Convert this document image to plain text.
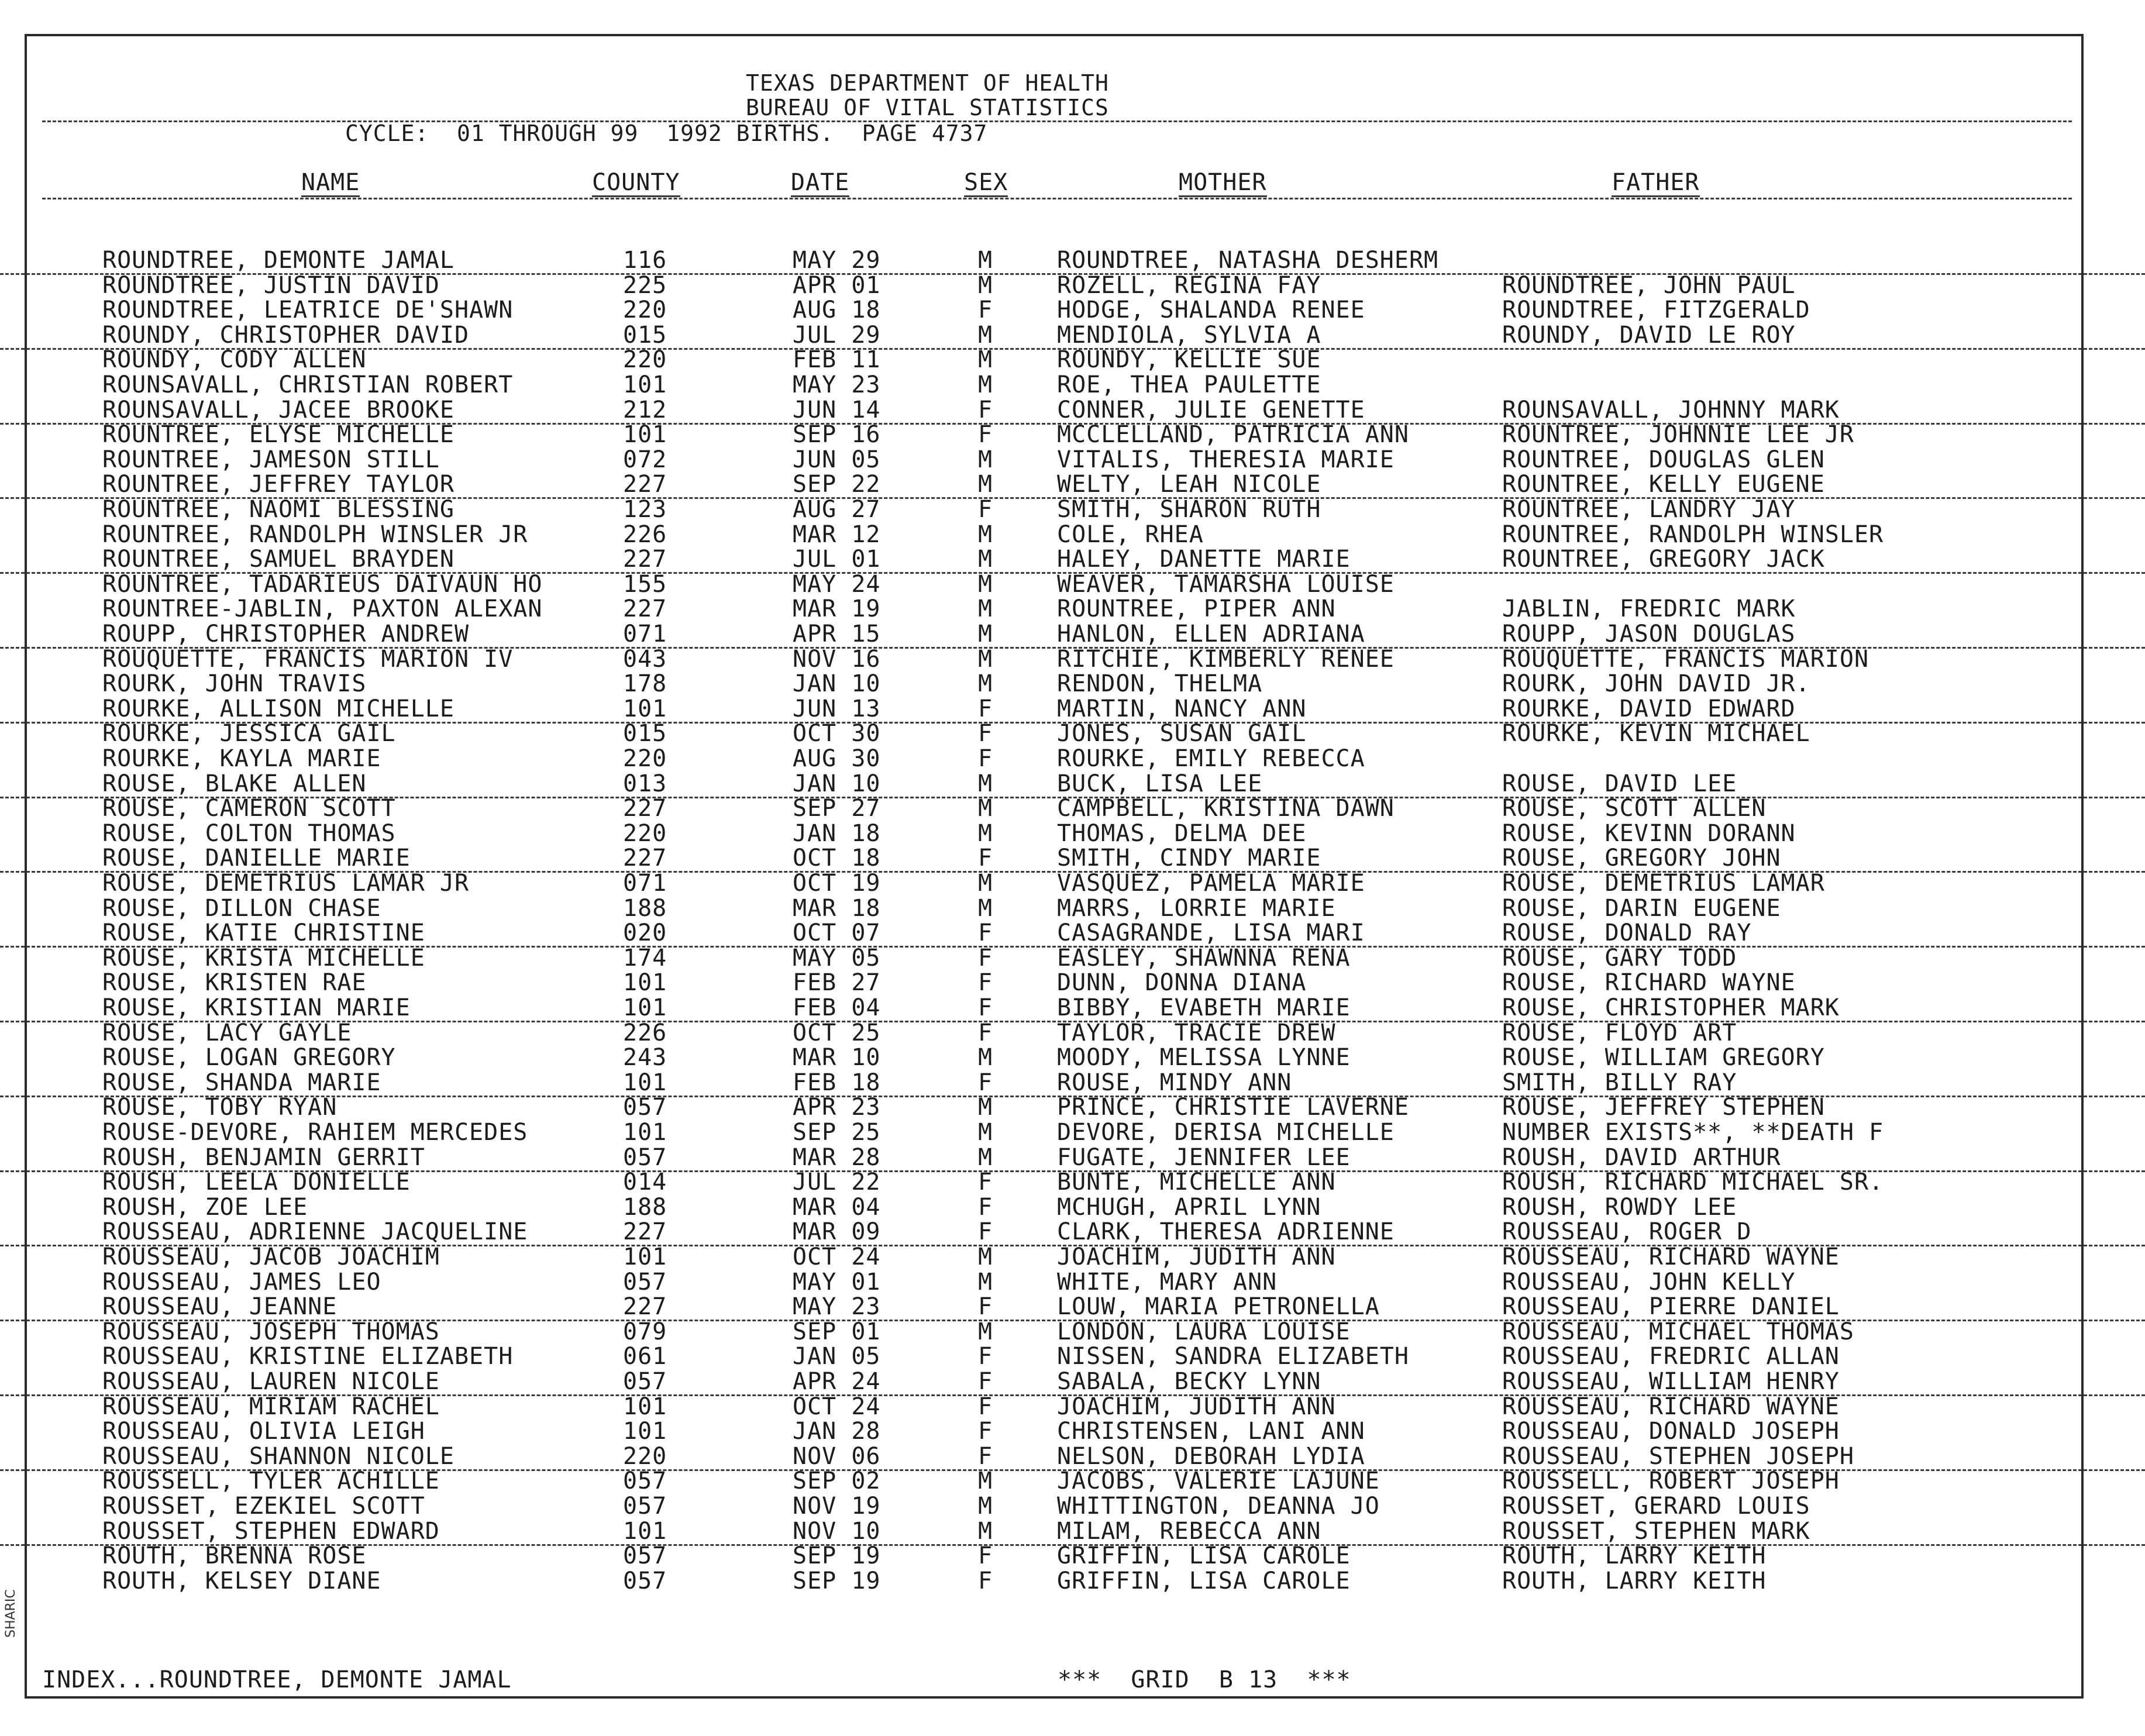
TEXAS DEPARTMENT OF HEALTH
BUREAU OF VITAL STATISTICS
CYCLE:  01 THROUGH 99  1992 BIRTHS.  PAGE 4737
NAME	COUNTY	DATE	SEX	MOTHER	FATHER
ROUNDTREE, DEMONTE JAMAL	116	MAY 29	M	ROUNDTREE, NATASHA DESHERM
ROUNDTREE, JUSTIN DAVID	225	APR 01	M	ROZELL, REGINA FAY	ROUNDTREE, JOHN PAUL
ROUNDTREE, LEATRICE DE'SHAWN	220	AUG 18	F	HODGE, SHALANDA RENEE	ROUNDTREE, FITZGERALD
ROUNDY, CHRISTOPHER DAVID	015	JUL 29	M	MENDIOLA, SYLVIA A	ROUNDY, DAVID LE ROY
ROUNDY, CODY ALLEN	220	FEB 11	M	ROUNDY, KELLIE SUE
ROUNSAVALL, CHRISTIAN ROBERT	101	MAY 23	M	ROE, THEA PAULETTE
ROUNSAVALL, JACEE BROOKE	212	JUN 14	F	CONNER, JULIE GENETTE	ROUNSAVALL, JOHNNY MARK
ROUNTREE, ELYSE MICHELLE	101	SEP 16	F	MCCLELLAND, PATRICIA ANN	ROUNTREE, JOHNNIE LEE JR
ROUNTREE, JAMESON STILL	072	JUN 05	M	VITALIS, THERESIA MARIE	ROUNTREE, DOUGLAS GLEN
ROUNTREE, JEFFREY TAYLOR	227	SEP 22	M	WELTY, LEAH NICOLE	ROUNTREE, KELLY EUGENE
ROUNTREE, NAOMI BLESSING	123	AUG 27	F	SMITH, SHARON RUTH	ROUNTREE, LANDRY JAY
ROUNTREE, RANDOLPH WINSLER JR	226	MAR 12	M	COLE, RHEA	ROUNTREE, RANDOLPH WINSLER
ROUNTREE, SAMUEL BRAYDEN	227	JUL 01	M	HALEY, DANETTE MARIE	ROUNTREE, GREGORY JACK
ROUNTREE, TADARIEUS DAIVAUN HO	155	MAY 24	M	WEAVER, TAMARSHA LOUISE
ROUNTREE-JABLIN, PAXTON ALEXAN	227	MAR 19	M	ROUNTREE, PIPER ANN	JABLIN, FREDRIC MARK
ROUPP, CHRISTOPHER ANDREW	071	APR 15	M	HANLON, ELLEN ADRIANA	ROUPP, JASON DOUGLAS
ROUQUETTE, FRANCIS MARION IV	043	NOV 16	M	RITCHIE, KIMBERLY RENEE	ROUQUETTE, FRANCIS MARION
ROURK, JOHN TRAVIS	178	JAN 10	M	RENDON, THELMA	ROURK, JOHN DAVID JR.
ROURKE, ALLISON MICHELLE	101	JUN 13	F	MARTIN, NANCY ANN	ROURKE, DAVID EDWARD
ROURKE, JESSICA GAIL	015	OCT 30	F	JONES, SUSAN GAIL	ROURKE, KEVIN MICHAEL
ROURKE, KAYLA MARIE	220	AUG 30	F	ROURKE, EMILY REBECCA
ROUSE, BLAKE ALLEN	013	JAN 10	M	BUCK, LISA LEE	ROUSE, DAVID LEE
ROUSE, CAMERON SCOTT	227	SEP 27	M	CAMPBELL, KRISTINA DAWN	ROUSE, SCOTT ALLEN
ROUSE, COLTON THOMAS	220	JAN 18	M	THOMAS, DELMA DEE	ROUSE, KEVINN DORANN
ROUSE, DANIELLE MARIE	227	OCT 18	F	SMITH, CINDY MARIE	ROUSE, GREGORY JOHN
ROUSE, DEMETRIUS LAMAR JR	071	OCT 19	M	VASQUEZ, PAMELA MARIE	ROUSE, DEMETRIUS LAMAR
ROUSE, DILLON CHASE	188	MAR 18	M	MARRS, LORRIE MARIE	ROUSE, DARIN EUGENE
ROUSE, KATIE CHRISTINE	020	OCT 07	F	CASAGRANDE, LISA MARI	ROUSE, DONALD RAY
ROUSE, KRISTA MICHELLE	174	MAY 05	F	EASLEY, SHAWNNA RENA	ROUSE, GARY TODD
ROUSE, KRISTEN RAE	101	FEB 27	F	DUNN, DONNA DIANA	ROUSE, RICHARD WAYNE
ROUSE, KRISTIAN MARIE	101	FEB 04	F	BIBBY, EVABETH MARIE	ROUSE, CHRISTOPHER MARK
ROUSE, LACY GAYLE	226	OCT 25	F	TAYLOR, TRACIE DREW	ROUSE, FLOYD ART
ROUSE, LOGAN GREGORY	243	MAR 10	M	MOODY, MELISSA LYNNE	ROUSE, WILLIAM GREGORY
ROUSE, SHANDA MARIE	101	FEB 18	F	ROUSE, MINDY ANN	SMITH, BILLY RAY
ROUSE, TOBY RYAN	057	APR 23	M	PRINCE, CHRISTIE LAVERNE	ROUSE, JEFFREY STEPHEN
ROUSE-DEVORE, RAHIEM MERCEDES	101	SEP 25	M	DEVORE, DERISA MICHELLE	NUMBER EXISTS**, **DEATH F
ROUSH, BENJAMIN GERRIT	057	MAR 28	M	FUGATE, JENNIFER LEE	ROUSH, DAVID ARTHUR
ROUSH, LEELA DONIELLE	014	JUL 22	F	BUNTE, MICHELLE ANN	ROUSH, RICHARD MICHAEL SR.
ROUSH, ZOE LEE	188	MAR 04	F	MCHUGH, APRIL LYNN	ROUSH, ROWDY LEE
ROUSSEAU, ADRIENNE JACQUELINE	227	MAR 09	F	CLARK, THERESA ADRIENNE	ROUSSEAU, ROGER D
ROUSSEAU, JACOB JOACHIM	101	OCT 24	M	JOACHIM, JUDITH ANN	ROUSSEAU, RICHARD WAYNE
ROUSSEAU, JAMES LEO	057	MAY 01	M	WHITE, MARY ANN	ROUSSEAU, JOHN KELLY
ROUSSEAU, JEANNE	227	MAY 23	F	LOUW, MARIA PETRONELLA	ROUSSEAU, PIERRE DANIEL
ROUSSEAU, JOSEPH THOMAS	079	SEP 01	M	LONDON, LAURA LOUISE	ROUSSEAU, MICHAEL THOMAS
ROUSSEAU, KRISTINE ELIZABETH	061	JAN 05	F	NISSEN, SANDRA ELIZABETH	ROUSSEAU, FREDRIC ALLAN
ROUSSEAU, LAUREN NICOLE	057	APR 24	F	SABALA, BECKY LYNN	ROUSSEAU, WILLIAM HENRY
ROUSSEAU, MIRIAM RACHEL	101	OCT 24	F	JOACHIM, JUDITH ANN	ROUSSEAU, RICHARD WAYNE
ROUSSEAU, OLIVIA LEIGH	101	JAN 28	F	CHRISTENSEN, LANI ANN	ROUSSEAU, DONALD JOSEPH
ROUSSEAU, SHANNON NICOLE	220	NOV 06	F	NELSON, DEBORAH LYDIA	ROUSSEAU, STEPHEN JOSEPH
ROUSSELL, TYLER ACHILLE	057	SEP 02	M	JACOBS, VALERIE LAJUNE	ROUSSELL, ROBERT JOSEPH
ROUSSET, EZEKIEL SCOTT	057	NOV 19	M	WHITTINGTON, DEANNA JO	ROUSSET, GERARD LOUIS
ROUSSET, STEPHEN EDWARD	101	NOV 10	M	MILAM, REBECCA ANN	ROUSSET, STEPHEN MARK
ROUTH, BRENNA ROSE	057	SEP 19	F	GRIFFIN, LISA CAROLE	ROUTH, LARRY KEITH
ROUTH, KELSEY DIANE	057	SEP 19	F	GRIFFIN, LISA CAROLE	ROUTH, LARRY KEITH
INDEX...ROUNDTREE, DEMONTE JAMAL	***  GRID  B 13  ***
SHARIC
